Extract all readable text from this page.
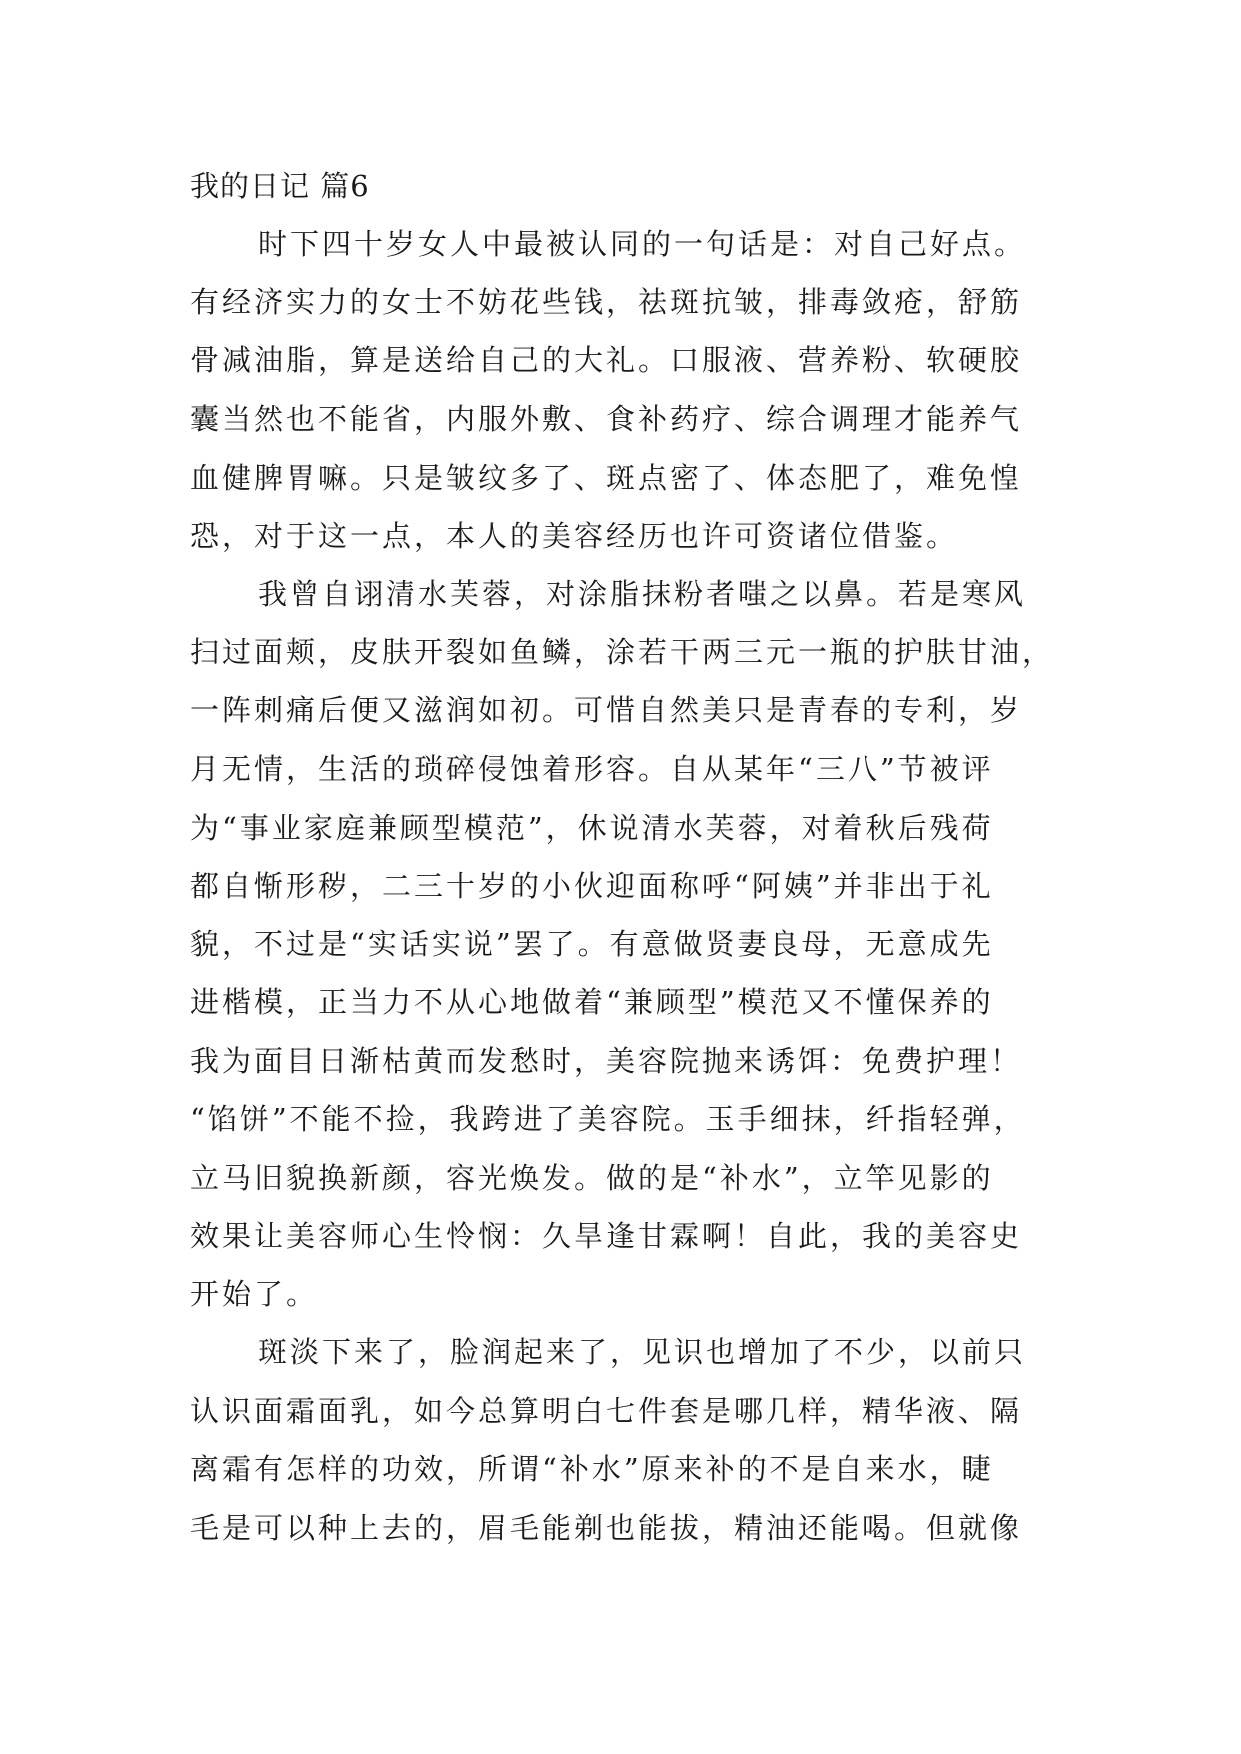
我的日记 篇6
时下四十岁女人中最被认同的一句话是：对自己好点。
有经济实力的女士不妨花些钱，祛斑抗皱，排毒敛疮，舒筋
骨减油脂，算是送给自己的大礼。口服液、营养粉、软硬胶
囊当然也不能省，内服外敷、食补药疗、综合调理才能养气
血健脾胃嘛。只是皱纹多了、斑点密了、体态肥了，难免惶
恐，对于这一点，本人的美容经历也许可资诸位借鉴。
我曾自诩清水芙蓉，对涂脂抹粉者嗤之以鼻。若是寒风
扫过面颊，皮肤开裂如鱼鳞，涂若干两三元一瓶的护肤甘油，
一阵刺痛后便又滋润如初。可惜自然美只是青春的专利，岁
月无情，生活的琐碎侵蚀着形容。自从某年“三八”节被评
为“事业家庭兼顾型模范”，休说清水芙蓉，对着秋后残荷
都自惭形秽，二三十岁的小伙迎面称呼“阿姨”并非出于礼
貌，不过是“实话实说”罢了。有意做贤妻良母，无意成先
进楷模，正当力不从心地做着“兼顾型”模范又不懂保养的
我为面目日渐枯黄而发愁时，美容院抛来诱饵：免费护理！
“馅饼”不能不捡，我跨进了美容院。玉手细抹，纤指轻弹，
立马旧貌换新颜，容光焕发。做的是“补水”，立竿见影的
效果让美容师心生怜悯：久旱逢甘霖啊！自此，我的美容史
开始了。
斑淡下来了，脸润起来了，见识也增加了不少，以前只
认识面霜面乳，如今总算明白七件套是哪几样，精华液、隔
离霜有怎样的功效，所谓“补水”原来补的不是自来水，睫
毛是可以种上去的，眉毛能剃也能拔，精油还能喝。但就像
